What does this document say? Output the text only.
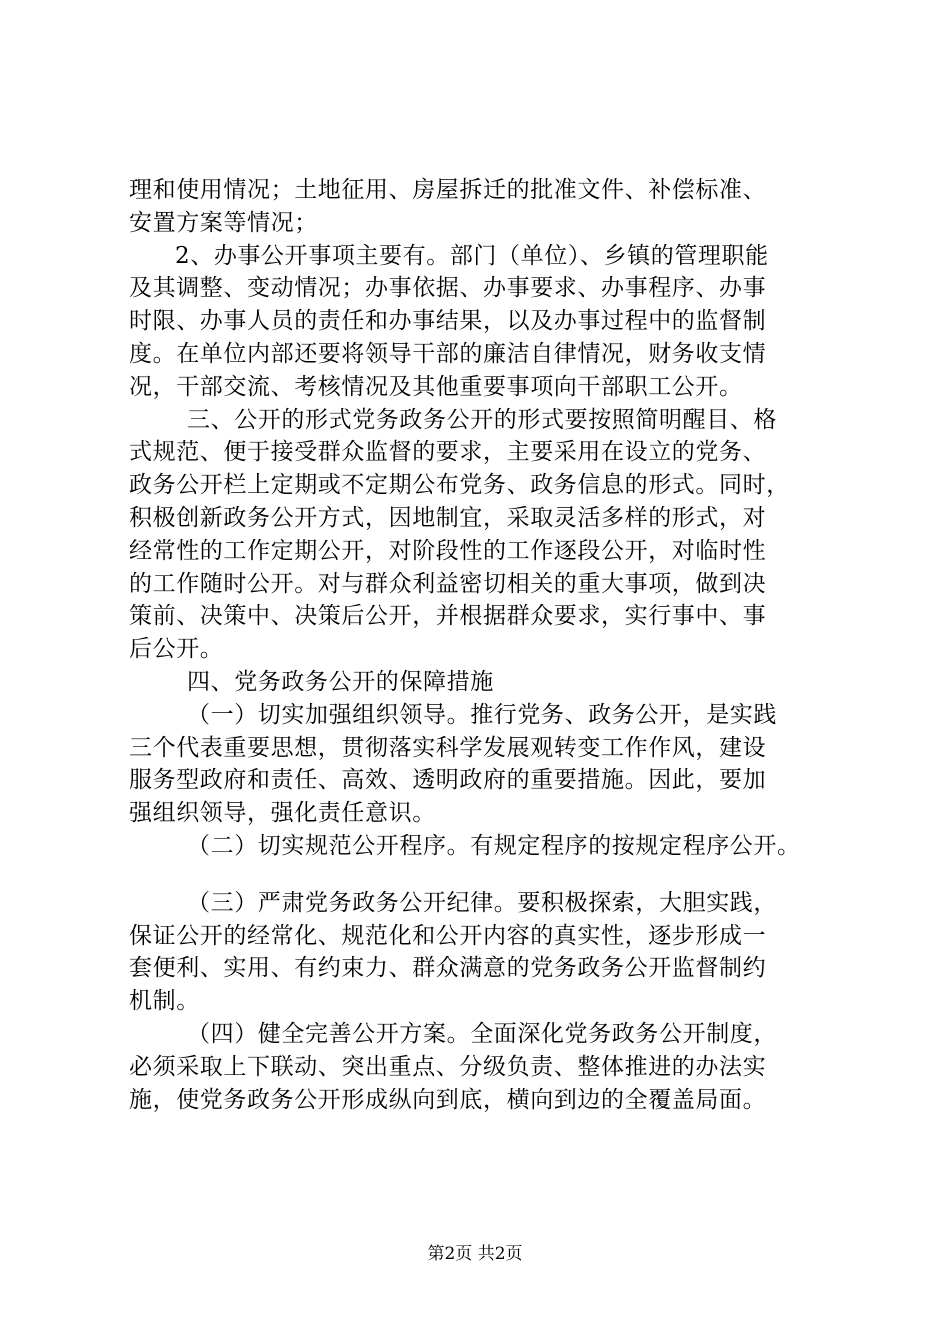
理和使用情况；土地征用、房屋拆迁的批准文件、补偿标准、
安置方案等情况；
2、办事公开事项主要有。部门（单位）、乡镇的管理职能
及其调整、变动情况；办事依据、办事要求、办事程序、办事
时限、办事人员的责任和办事结果，以及办事过程中的监督制
度。在单位内部还要将领导干部的廉洁自律情况，财务收支情
况，干部交流、考核情况及其他重要事项向干部职工公开。
三、公开的形式党务政务公开的形式要按照简明醒目、格
式规范、便于接受群众监督的要求，主要采用在设立的党务、
政务公开栏上定期或不定期公布党务、政务信息的形式。同时，
积极创新政务公开方式，因地制宜，采取灵活多样的形式，对
经常性的工作定期公开，对阶段性的工作逐段公开，对临时性
的工作随时公开。对与群众利益密切相关的重大事项，做到决
策前、决策中、决策后公开，并根据群众要求，实行事中、事
后公开。
四、党务政务公开的保障措施
（一）切实加强组织领导。推行党务、政务公开，是实践
三个代表重要思想，贯彻落实科学发展观转变工作作风，建设
服务型政府和责任、高效、透明政府的重要措施。因此，要加
强组织领导，强化责任意识。
（二）切实规范公开程序。有规定程序的按规定程序公开。
（三）严肃党务政务公开纪律。要积极探索，大胆实践，
保证公开的经常化、规范化和公开内容的真实性，逐步形成一
套便利、实用、有约束力、群众满意的党务政务公开监督制约
机制。
（四）健全完善公开方案。全面深化党务政务公开制度，
必须采取上下联动、突出重点、分级负责、整体推进的办法实
施，使党务政务公开形成纵向到底，横向到边的全覆盖局面。
第2页 共2页
